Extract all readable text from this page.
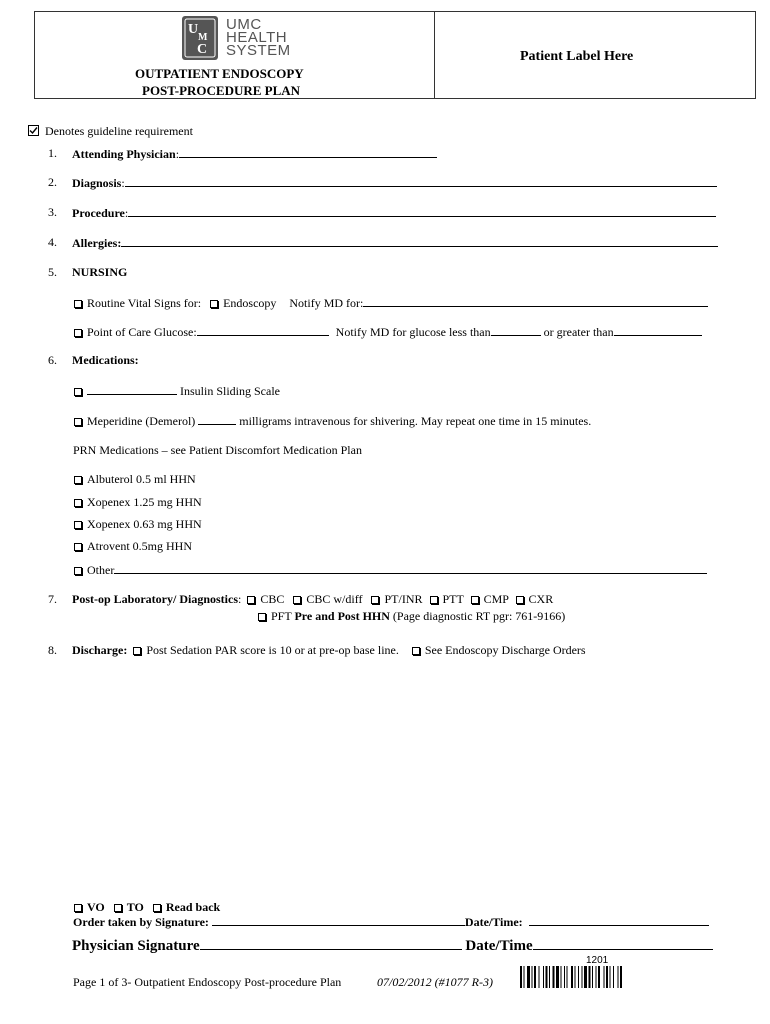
U
M
C
UMC
HEALTH
SYSTEM
OUTPATIENT ENDOSCOPY
POST-PROCEDURE PLAN
Patient Label Here
Denotes guideline requirement
1.	Attending Physician:
2.	Diagnosis:
3.	Procedure:
4.	Allergies:
5.	NURSING
Routine Vital Signs for: Endoscopy Notify MD for:
Point of Care Glucose:	Notify MD for glucose less than	or greater than
6.	Medications:
Insulin Sliding Scale
Meperidine (Demerol)	milligrams intravenous for shivering. May repeat one time in 15 minutes.
PRN Medications – see Patient Discomfort Medication Plan
Albuterol 0.5 ml HHN
Xopenex 1.25 mg HHN
Xopenex 0.63 mg HHN
Atrovent 0.5mg HHN
Other
7.	Post-op Laboratory/ Diagnostics: CBC CBC w/diff PT/INR PTT CMP CXR
PFT Pre and Post HHN (Page diagnostic RT pgr: 761-9166)
8.	Discharge: Post Sedation PAR score is 10 or at pre-op base line. See Endoscopy Discharge Orders
VO TO Read back
Order taken by Signature:	Date/Time:
Physician Signature	Date/Time
Page 1 of 3- Outpatient Endoscopy Post-procedure Plan	07/02/2012 (#1077 R-3)
1201
